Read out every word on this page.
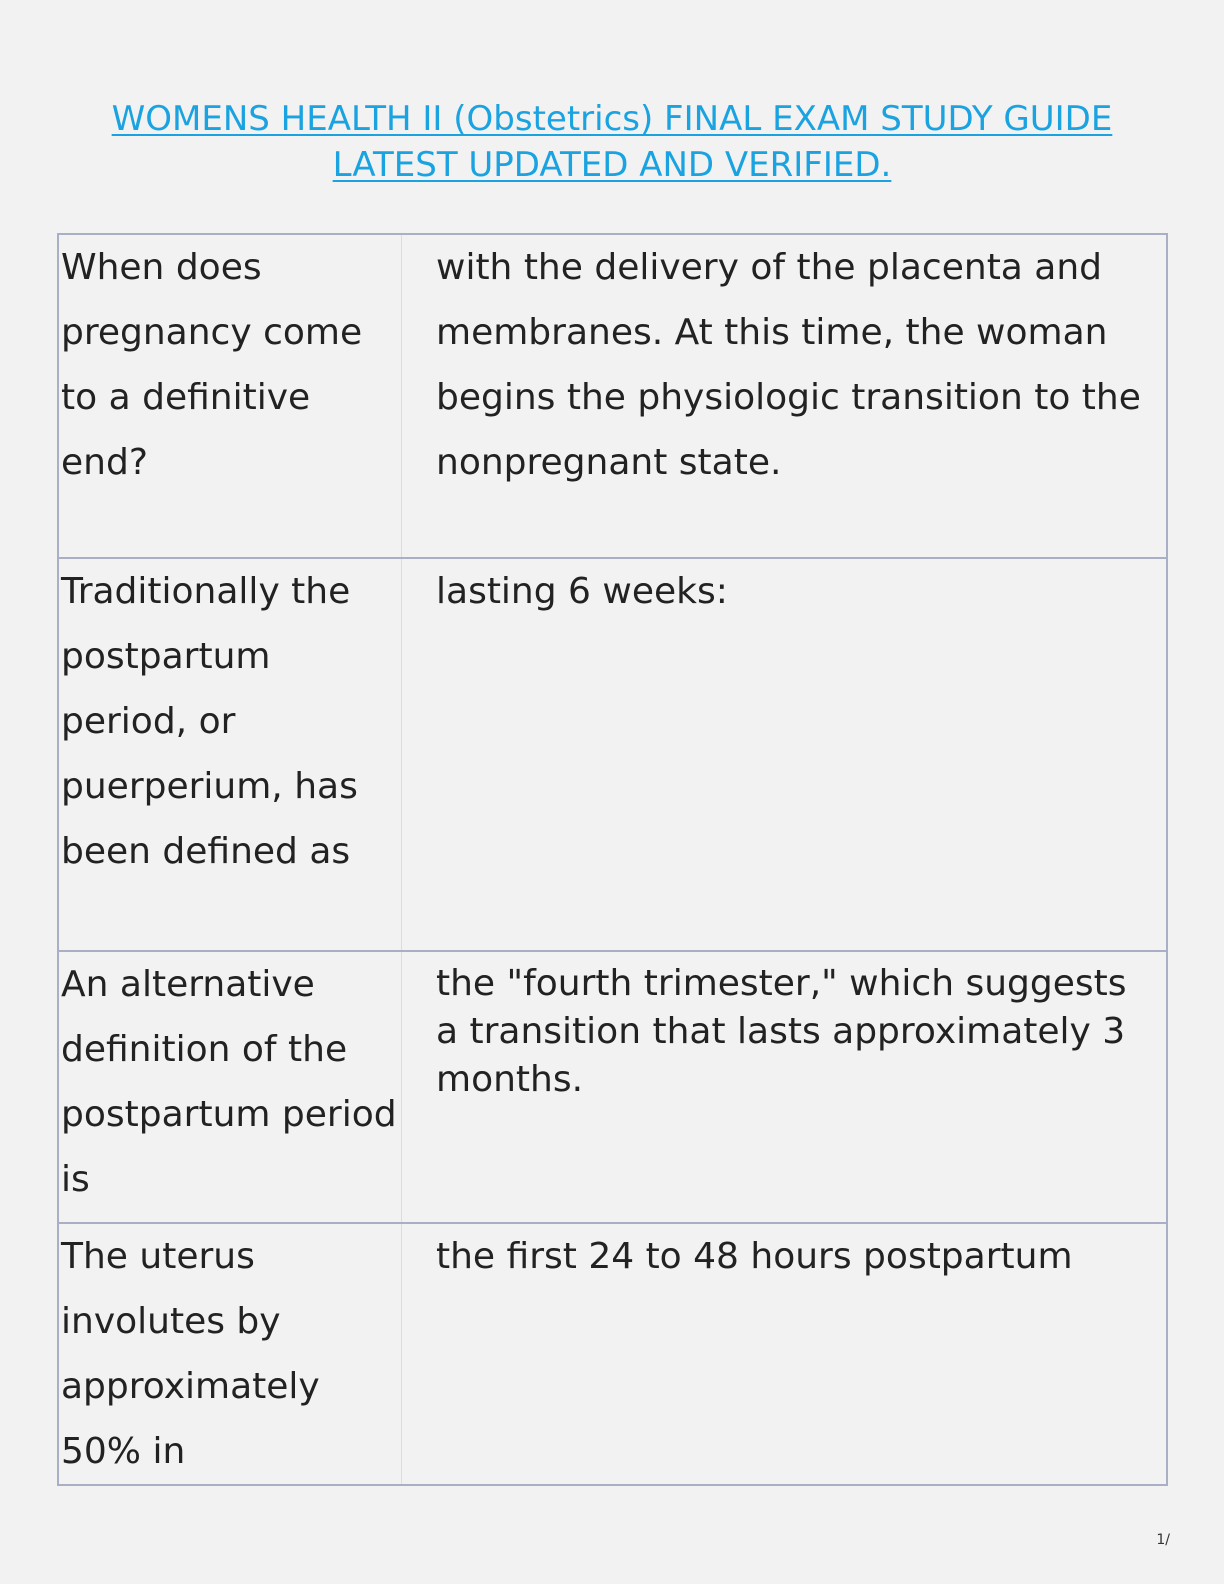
WOMENS HEALTH II (Obstetrics) FINAL EXAM STUDY GUIDE
LATEST UPDATED AND VERIFIED.
When does pregnancy come to a definitive end?	with the delivery of the placenta and membranes. At this time, the woman begins the physiologic transition to the nonpregnant state.
Traditionally the postpartum period, or puerperium, has been defined as	lasting 6 weeks:
An alternative definition of the postpartum period is	the "fourth trimester," which suggests a transition that lasts approximately 3 months.
The uterus involutes by approximately 50% in	the first 24 to 48 hours postpartum
1/
